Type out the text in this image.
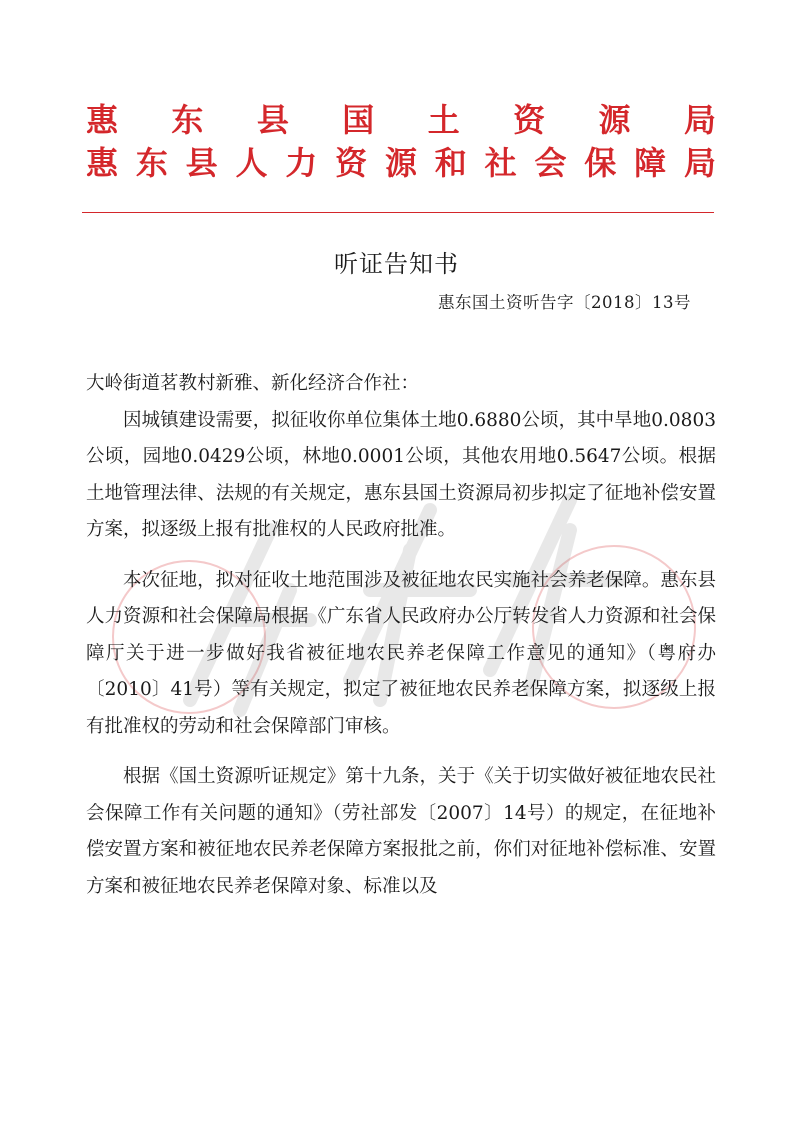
惠 东 县 国 土 资 源 局
惠 东 县 人 力 资 源 和 社 会 保 障 局
听证告知书
惠东国土资听告字〔2018〕13号

大岭街道茗教村新雅、新化经济合作社：

因城镇建设需要，拟征收你单位集体土地0.6880公顷，其中旱地0.0803公顷，园地0.0429公顷，林地0.0001公顷，其他农用地0.5647公顷。根据土地管理法律、法规的有关规定，惠东县国土资源局初步拟定了征地补偿安置方案，拟逐级上报有批准权的人民政府批准。

本次征地，拟对征收土地范围涉及被征地农民实施社会养老保障。惠东县人力资源和社会保障局根据《广东省人民政府办公厅转发省人力资源和社会保障厅关于进一步做好我省被征地农民养老保障工作意见的通知》（粤府办〔2010〕41号）等有关规定，拟定了被征地农民养老保障方案，拟逐级上报有批准权的劳动和社会保障部门审核。

根据《国土资源听证规定》第十九条，关于《关于切实做好被征地农民社会保障工作有关问题的通知》（劳社部发〔2007〕14号）的规定，在征地补偿安置方案和被征地农民养老保障方案报批之前，你们对征地补偿标准、安置方案和被征地农民养老保障对象、标准以及
